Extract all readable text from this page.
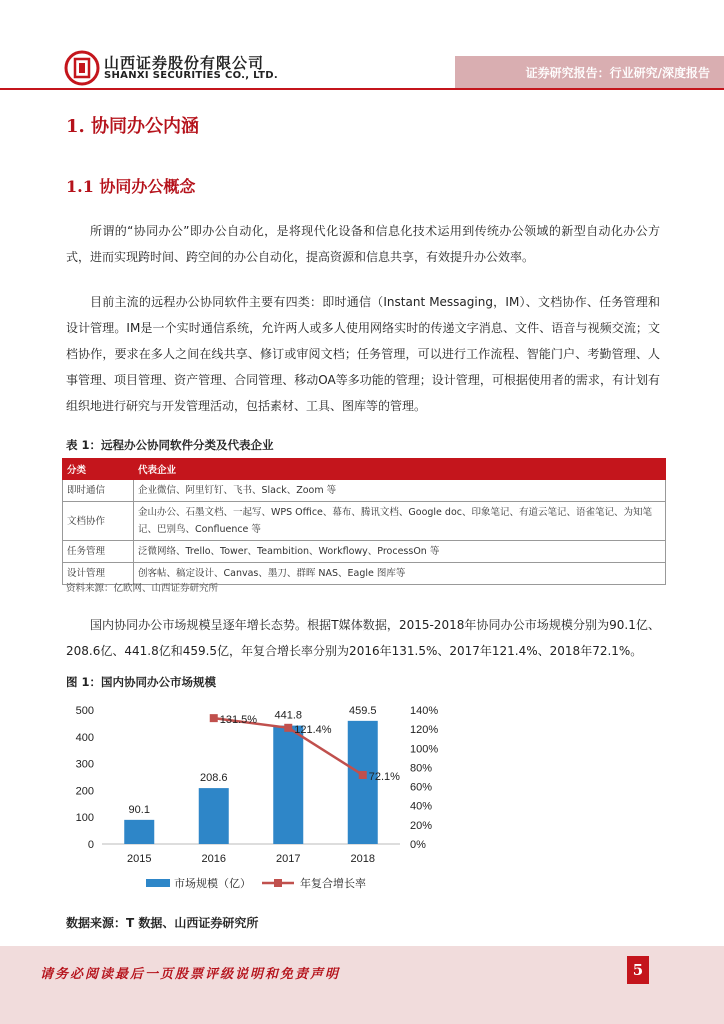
山西证券股份有限公司
SHANXI SECURITIES CO., LTD.	证券研究报告：行业研究/深度报告
1. 协同办公内涵
1.1 协同办公概念
所谓的“协同办公”即办公自动化，是将现代化设备和信息化技术运用到传统办公领域的新型自动化办公方式，进而实现跨时间、跨空间的办公自动化，提高资源和信息共享，有效提升办公效率。
目前主流的远程办公协同软件主要有四类：即时通信（Instant Messaging，IM）、文档协作、任务管理和设计管理。IM是一个实时通信系统，允许两人或多人使用网络实时的传递文字消息、文件、语音与视频交流；文档协作，要求在多人之间在线共享、修订或审阅文档；任务管理，可以进行工作流程、智能门户、考勤管理、人事管理、项目管理、资产管理、合同管理、移动OA等多功能的管理；设计管理，可根据使用者的需求，有计划有组织地进行研究与开发管理活动，包括素材、工具、图库等的管理。
表 1：远程办公协同软件分类及代表企业
分类	代表企业
即时通信	企业微信、阿里钉钉、飞书、Slack、Zoom 等
文档协作	金山办公、石墨文档、一起写、WPS Office、幕布、腾讯文档、Google doc、印象笔记、有道云笔记、语雀笔记、为知笔记、巴别鸟、Confluence 等
任务管理	泛微网络、Trello、Tower、Teambition、Workflowy、ProcessOn 等
设计管理	创客帖、稿定设计、Canvas、墨刀、群晖 NAS、Eagle 图库等
资料来源：亿欧网、山西证券研究所
国内协同办公市场规模呈逐年增长态势。根据T媒体数据，2015-2018年协同办公市场规模分别为90.1亿、208.6亿、441.8亿和459.5亿，年复合增长率分别为2016年131.5%、2017年121.4%、2018年72.1%。
图 1：国内协同办公市场规模
0
100
200
300
400
500
0%
20%
40%
60%
80%
100%
120%
140%
90.1
208.6
441.8	459.5
2015	2016	2017	2018
131.5%
121.4%
72.1%
市场规模（亿）	年复合增长率
数据来源：T 数据、山西证券研究所
请务必阅读最后一页股票评级说明和免责声明	5
